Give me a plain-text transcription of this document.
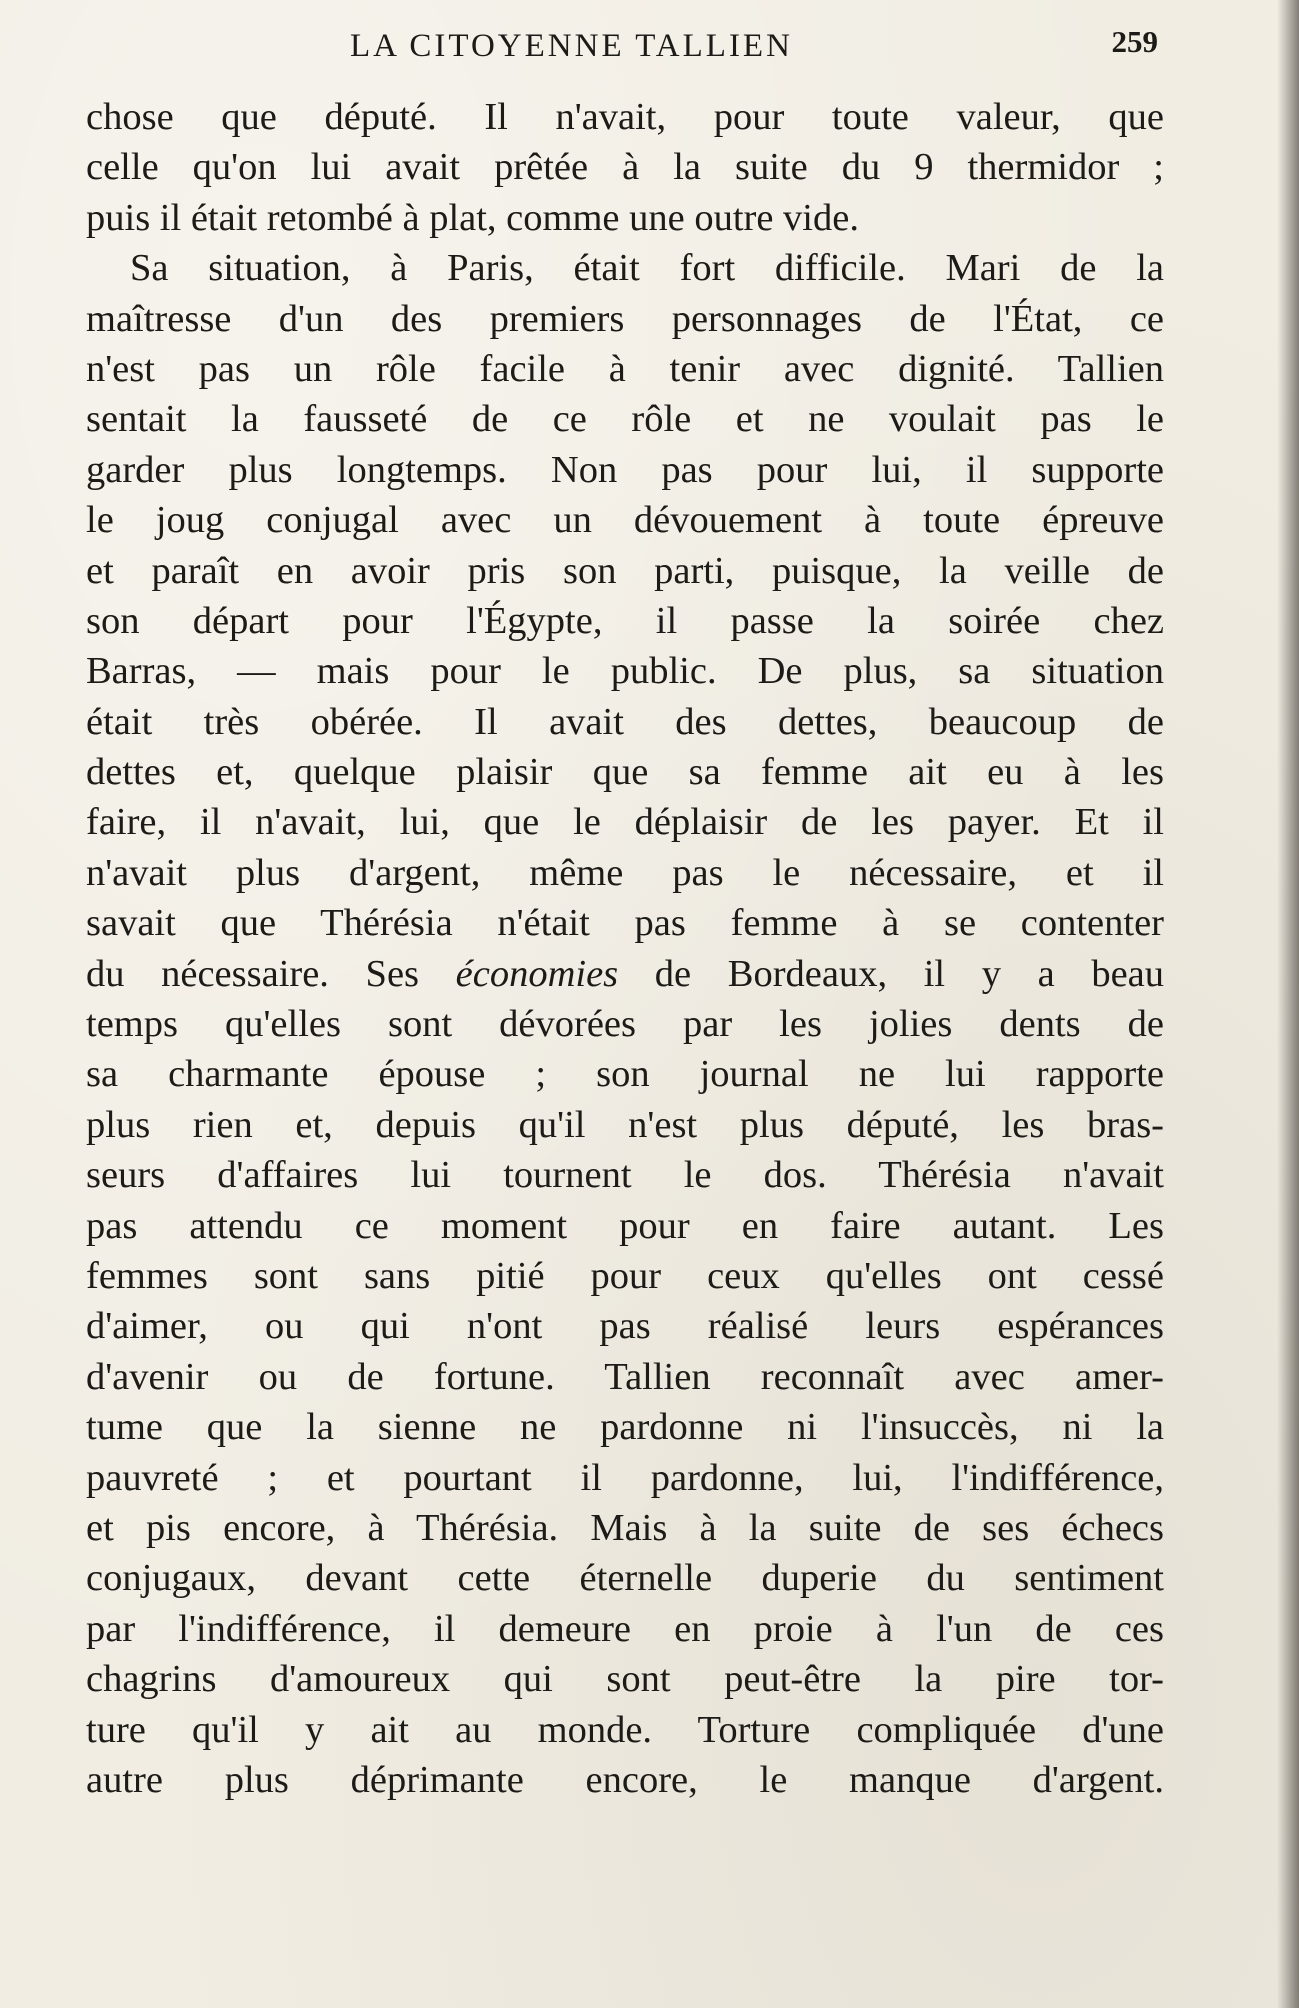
LA CITOYENNE TALLIEN	259
chose que député. Il n'avait, pour toute valeur, que
celle qu'on lui avait prêtée à la suite du 9 thermidor ;
puis il était retombé à plat, comme une outre vide.
Sa situation, à Paris, était fort difficile. Mari de la
maîtresse d'un des premiers personnages de l'État, ce
n'est pas un rôle facile à tenir avec dignité. Tallien
sentait la fausseté de ce rôle et ne voulait pas le
garder plus longtemps. Non pas pour lui, il supporte
le joug conjugal avec un dévouement à toute épreuve
et paraît en avoir pris son parti, puisque, la veille de
son départ pour l'Égypte, il passe la soirée chez
Barras, — mais pour le public. De plus, sa situation
était très obérée. Il avait des dettes, beaucoup de
dettes et, quelque plaisir que sa femme ait eu à les
faire, il n'avait, lui, que le déplaisir de les payer. Et il
n'avait plus d'argent, même pas le nécessaire, et il
savait que Thérésia n'était pas femme à se contenter
du nécessaire. Ses économies de Bordeaux, il y a beau
temps qu'elles sont dévorées par les jolies dents de
sa charmante épouse ; son journal ne lui rapporte
plus rien et, depuis qu'il n'est plus député, les bras-
seurs d'affaires lui tournent le dos. Thérésia n'avait
pas attendu ce moment pour en faire autant. Les
femmes sont sans pitié pour ceux qu'elles ont cessé
d'aimer, ou qui n'ont pas réalisé leurs espérances
d'avenir ou de fortune. Tallien reconnaît avec amer-
tume que la sienne ne pardonne ni l'insuccès, ni la
pauvreté ; et pourtant il pardonne, lui, l'indifférence,
et pis encore, à Thérésia. Mais à la suite de ses échecs
conjugaux, devant cette éternelle duperie du sentiment
par l'indifférence, il demeure en proie à l'un de ces
chagrins d'amoureux qui sont peut-être la pire tor-
ture qu'il y ait au monde. Torture compliquée d'une
autre plus déprimante encore, le manque d'argent.
